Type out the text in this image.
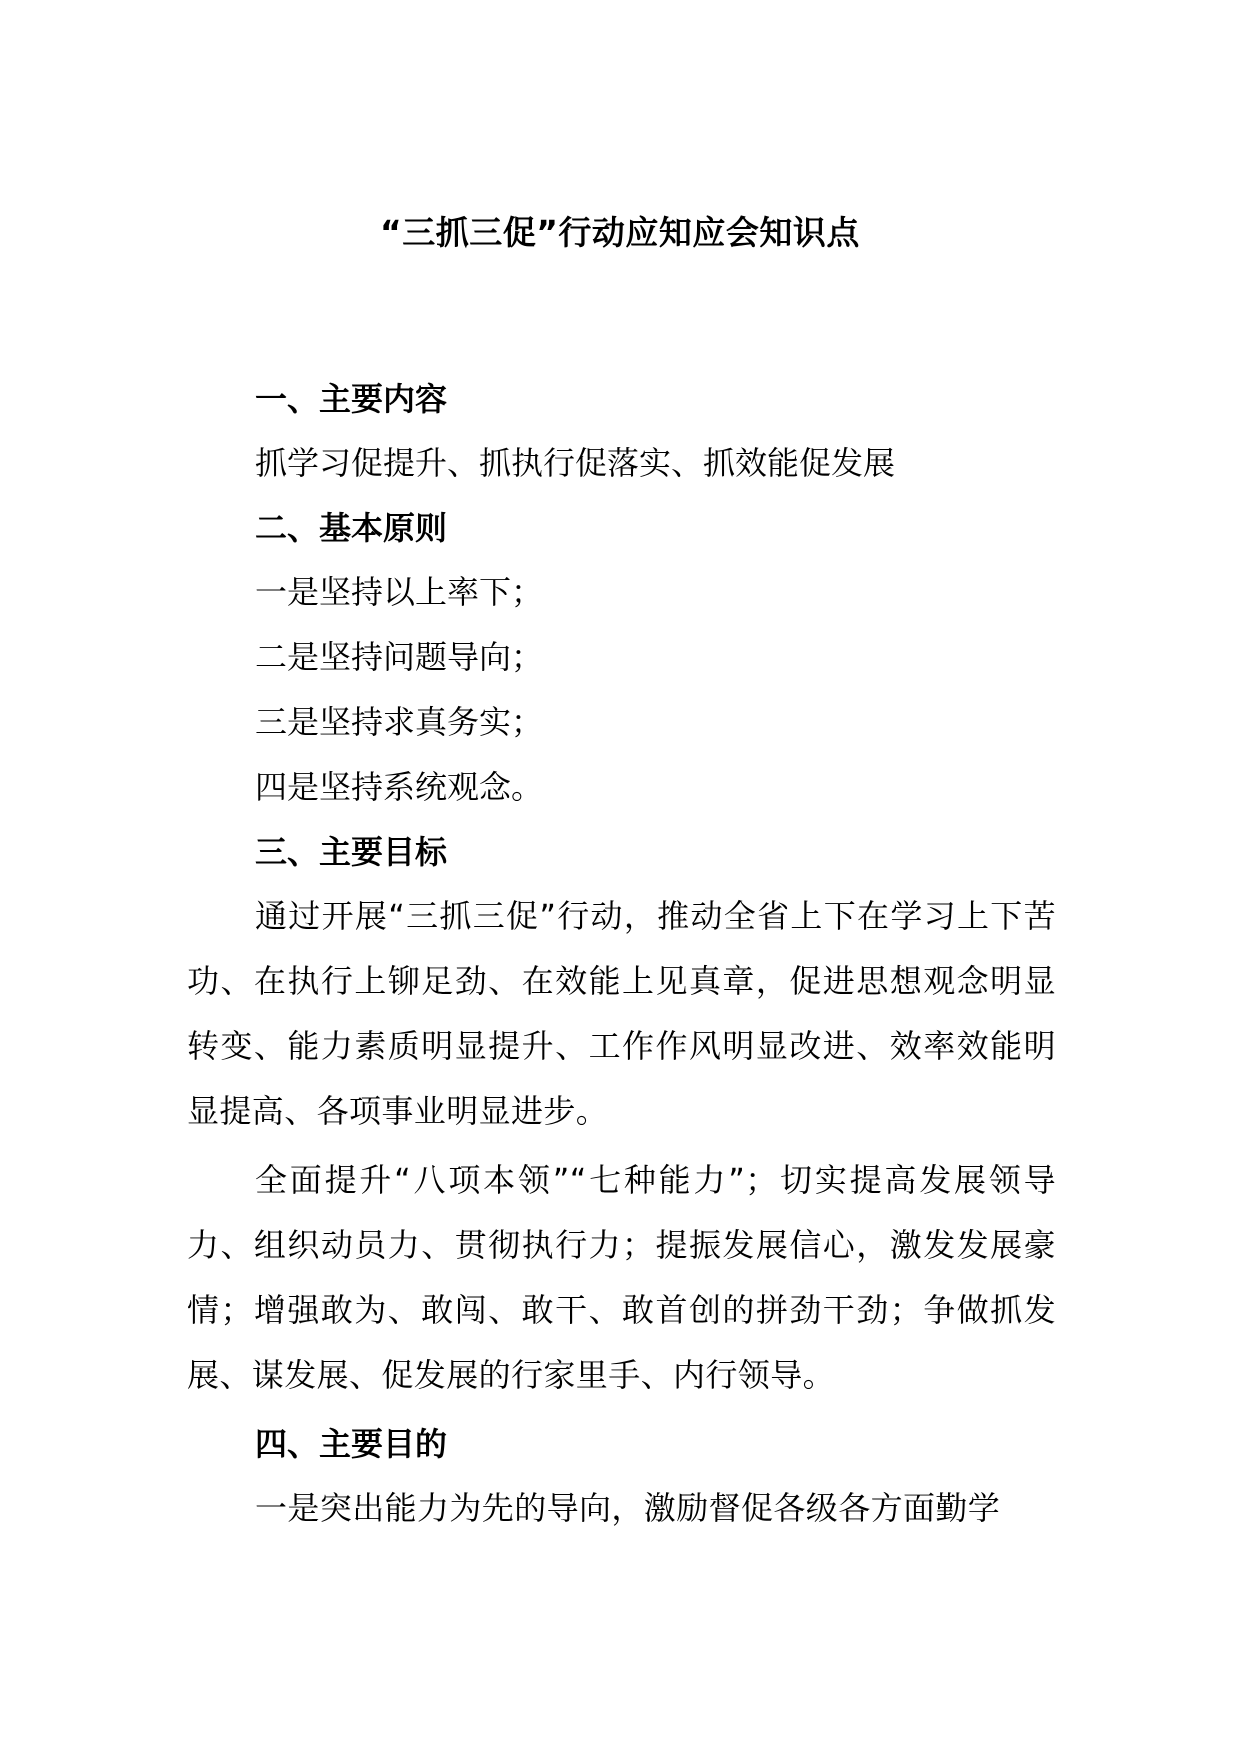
“三抓三促”行动应知应会知识点
一、主要内容
抓学习促提升、抓执行促落实、抓效能促发展
二、基本原则
一是坚持以上率下；
二是坚持问题导向；
三是坚持求真务实；
四是坚持系统观念。
三、主要目标

通过开展“三抓三促”行动，推动全省上下在学习上下苦功、在执行上铆足劲、在效能上见真章，促进思想观念明显转变、能力素质明显提升、工作作风明显改进、效率效能明显提高、各项事业明显进步。

全面提升“八项本领”“七种能力”；切实提高发展领导力、组织动员力、贯彻执行力；提振发展信心，激发发展豪情；增强敢为、敢闯、敢干、敢首创的拼劲干劲；争做抓发展、谋发展、促发展的行家里手、内行领导。

四、主要目的

一是突出能力为先的导向，激励督促各级各方面勤学
